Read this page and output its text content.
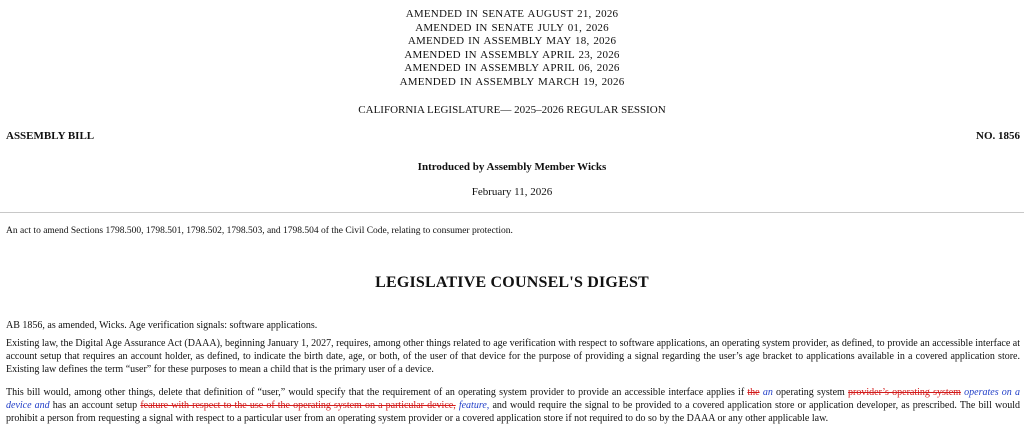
AMENDED IN SENATE AUGUST 21, 2026
AMENDED IN SENATE JULY 01, 2026
AMENDED IN ASSEMBLY MAY 18, 2026
AMENDED IN ASSEMBLY APRIL 23, 2026
AMENDED IN ASSEMBLY APRIL 06, 2026
AMENDED IN ASSEMBLY MARCH 19, 2026
CALIFORNIA LEGISLATURE— 2025–2026 REGULAR SESSION
ASSEMBLY BILL	NO. 1856
Introduced by Assembly Member Wicks
February 11, 2026
An act to amend Sections 1798.500, 1798.501, 1798.502, 1798.503, and 1798.504 of the Civil Code, relating to consumer protection.
LEGISLATIVE COUNSEL'S DIGEST
AB 1856, as amended, Wicks. Age verification signals: software applications.
Existing law, the Digital Age Assurance Act (DAAA), beginning January 1, 2027, requires, among other things related to age verification with respect to software applications, an operating system provider, as defined, to provide an accessible interface at account setup that requires an account holder, as defined, to indicate the birth date, age, or both, of the user of that device for the purpose of providing a signal regarding the user’s age bracket to applications available in a covered application store. Existing law defines the term “user” for these purposes to mean a child that is the primary user of a device.
This bill would, among other things, delete that definition of “user,” would specify that the requirement of an operating system provider to provide an accessible interface applies if the an operating system provider’s operating system operates on a device and has an account setup feature with respect to the use of the operating system on a particular device, feature, and would require the signal to be provided to a covered application store or application developer, as prescribed. The bill would prohibit a person from requesting a signal with respect to a particular user from an operating system provider or a covered application store if not required to do so by the DAAA or any other applicable law.
